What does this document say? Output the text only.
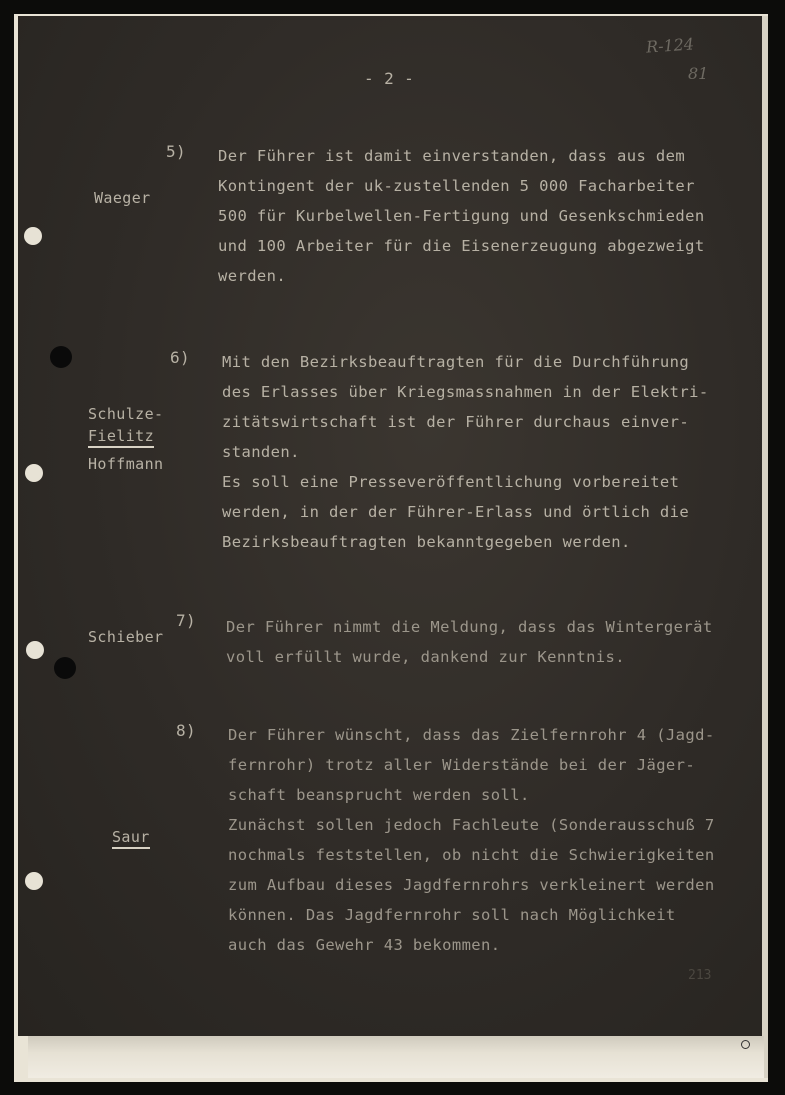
R-124
81
- 2 -
5)
Waeger
Der Führer ist damit einverstanden, dass aus dem
Kontingent der uk-zustellenden 5 000 Facharbeiter
500 für Kurbelwellen-Fertigung und Gesenkschmieden
und 100 Arbeiter für die Eisenerzeugung abgezweigt
werden.
6)
Schulze-
Fielitz
Hoffmann
Mit den Bezirksbeauftragten für die Durchführung
des Erlasses über Kriegsmassnahmen in der Elektri-
zitätswirtschaft ist der Führer durchaus einver-
standen.
Es soll eine Presseveröffentlichung vorbereitet
werden, in der der Führer-Erlass und örtlich die
Bezirksbeauftragten bekanntgegeben werden.
7)
Schieber
Der Führer nimmt die Meldung, dass das Wintergerät
voll erfüllt wurde, dankend zur Kenntnis.
8)
Saur
Der Führer wünscht, dass das Zielfernrohr 4 (Jagd-
fernrohr) trotz aller Widerstände bei der Jäger-
schaft beansprucht werden soll.
Zunächst sollen jedoch Fachleute (Sonderausschuß 7
nochmals feststellen, ob nicht die Schwierigkeiten
zum Aufbau dieses Jagdfernrohrs verkleinert werden
können. Das Jagdfernrohr soll nach Möglichkeit
auch das Gewehr 43 bekommen.
213
